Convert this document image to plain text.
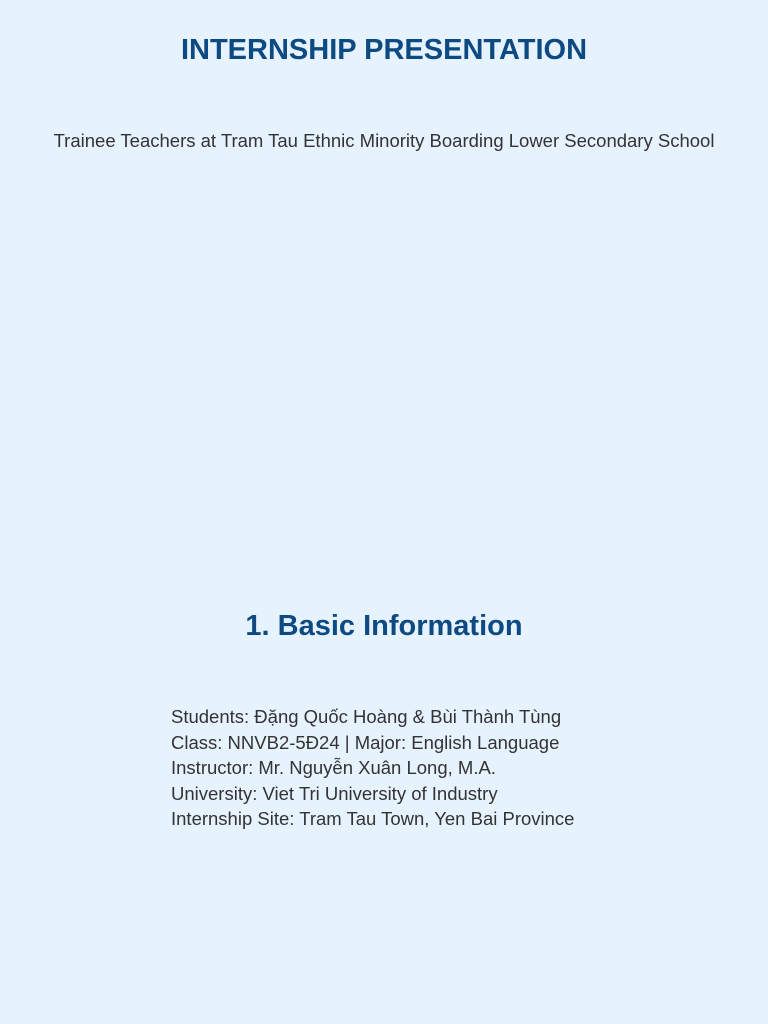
INTERNSHIP PRESENTATION

Trainee Teachers at Tram Tau Ethnic Minority Boarding Lower Secondary School

1. Basic Information
Students: Đặng Quốc Hoàng & Bùi Thành Tùng
Class: NNVB2-5Đ24 | Major: English Language
Instructor: Mr. Nguyễn Xuân Long, M.A.
University: Viet Tri University of Industry
Internship Site: Tram Tau Town, Yen Bai Province
